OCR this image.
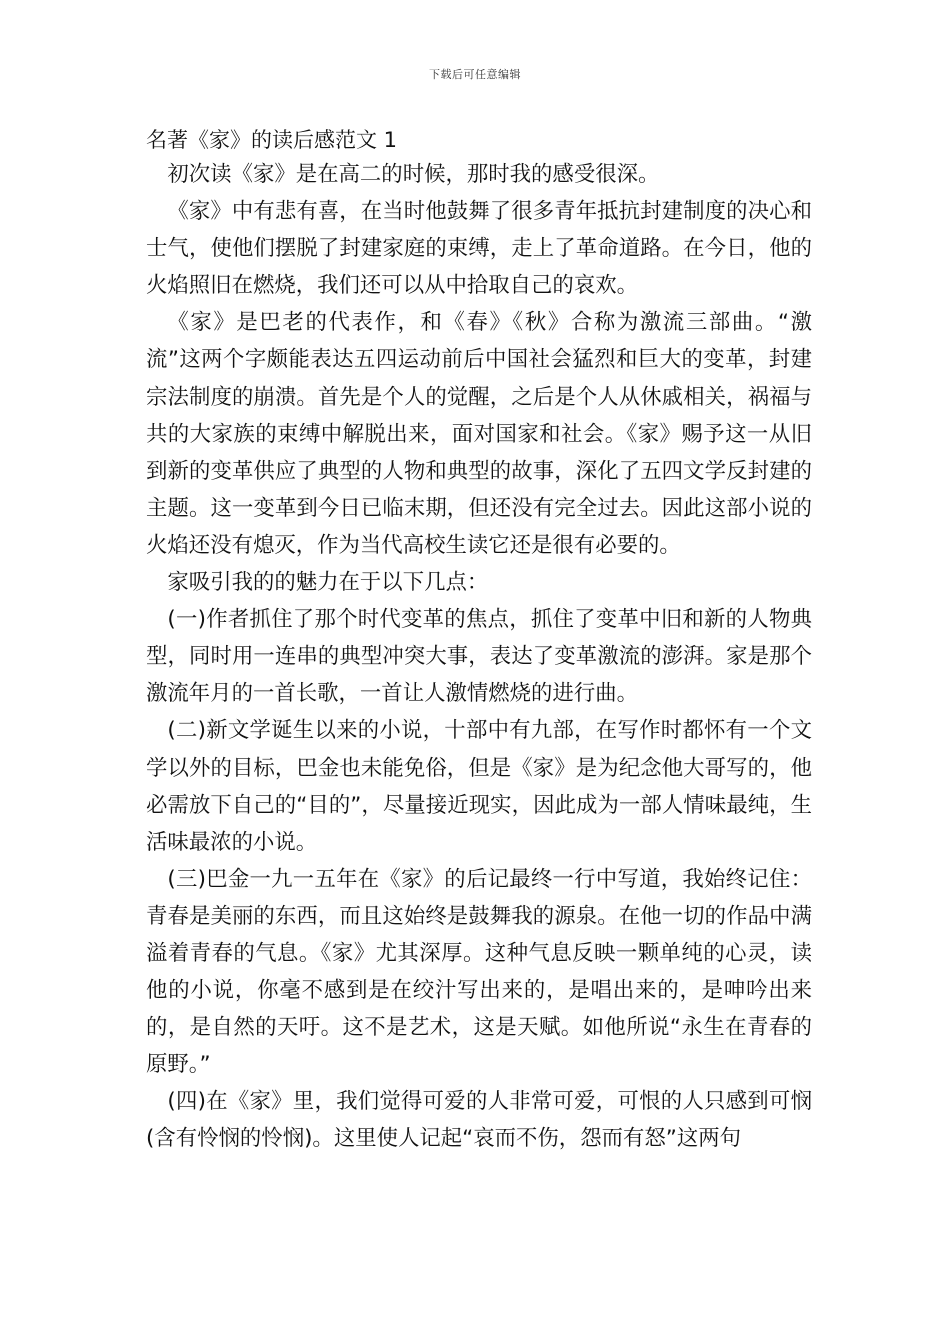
下载后可任意编辑
名著《家》的读后感范文 1

初次读《家》是在高二的时候，那时我的感受很深。

《家》中有悲有喜，在当时他鼓舞了很多青年抵抗封建制度的决心和士气，使他们摆脱了封建家庭的束缚，走上了革命道路。在今日，他的火焰照旧在燃烧，我们还可以从中拾取自己的哀欢。

《家》是巴老的代表作，和《春》《秋》合称为激流三部曲。“激流”这两个字颇能表达五四运动前后中国社会猛烈和巨大的变革，封建宗法制度的崩溃。首先是个人的觉醒，之后是个人从休戚相关，祸福与共的大家族的束缚中解脱出来，面对国家和社会。《家》赐予这一从旧到新的变革供应了典型的人物和典型的故事，深化了五四文学反封建的主题。这一变革到今日已临末期，但还没有完全过去。因此这部小说的火焰还没有熄灭，作为当代高校生读它还是很有必要的。

家吸引我的的魅力在于以下几点：

(一)作者抓住了那个时代变革的焦点，抓住了变革中旧和新的人物典型，同时用一连串的典型冲突大事，表达了变革激流的澎湃。家是那个激流年月的一首长歌，一首让人激情燃烧的进行曲。

(二)新文学诞生以来的小说，十部中有九部，在写作时都怀有一个文学以外的目标，巴金也未能免俗，但是《家》是为纪念他大哥写的，他必需放下自己的“目的”，尽量接近现实，因此成为一部人情味最纯，生活味最浓的小说。

(三)巴金一九一五年在《家》的后记最终一行中写道，我始终记住：青春是美丽的东西，而且这始终是鼓舞我的源泉。在他一切的作品中满溢着青春的气息。《家》尤其深厚。这种气息反映一颗单纯的心灵，读他的小说，你毫不感到是在绞汁写出来的，是唱出来的，是呻吟出来的，是自然的天吁。这不是艺术，这是天赋。如他所说“永生在青春的原野。”

(四)在《家》里，我们觉得可爱的人非常可爱，可恨的人只感到可悯(含有怜悯的怜悯)。这里使人记起“哀而不伤，怨而有怒”这两句
